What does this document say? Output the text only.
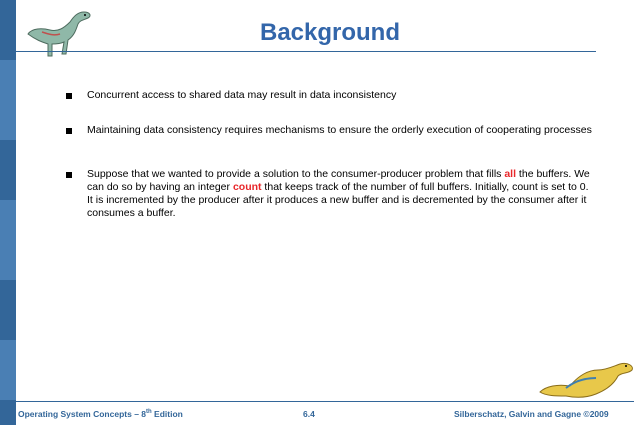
Background
Concurrent access to shared data may result in data inconsistency
Maintaining data consistency requires mechanisms to ensure the orderly execution of cooperating processes
Suppose that we wanted to provide a solution to the consumer-producer problem that fills all the buffers. We can do so by having an integer count that keeps track of the number of full buffers. Initially, count is set to 0. It is incremented by the producer after it produces a new buffer and is decremented by the consumer after it consumes a buffer.
Operating System Concepts – 8th Edition	6.4	Silberschatz, Galvin and Gagne ©2009
